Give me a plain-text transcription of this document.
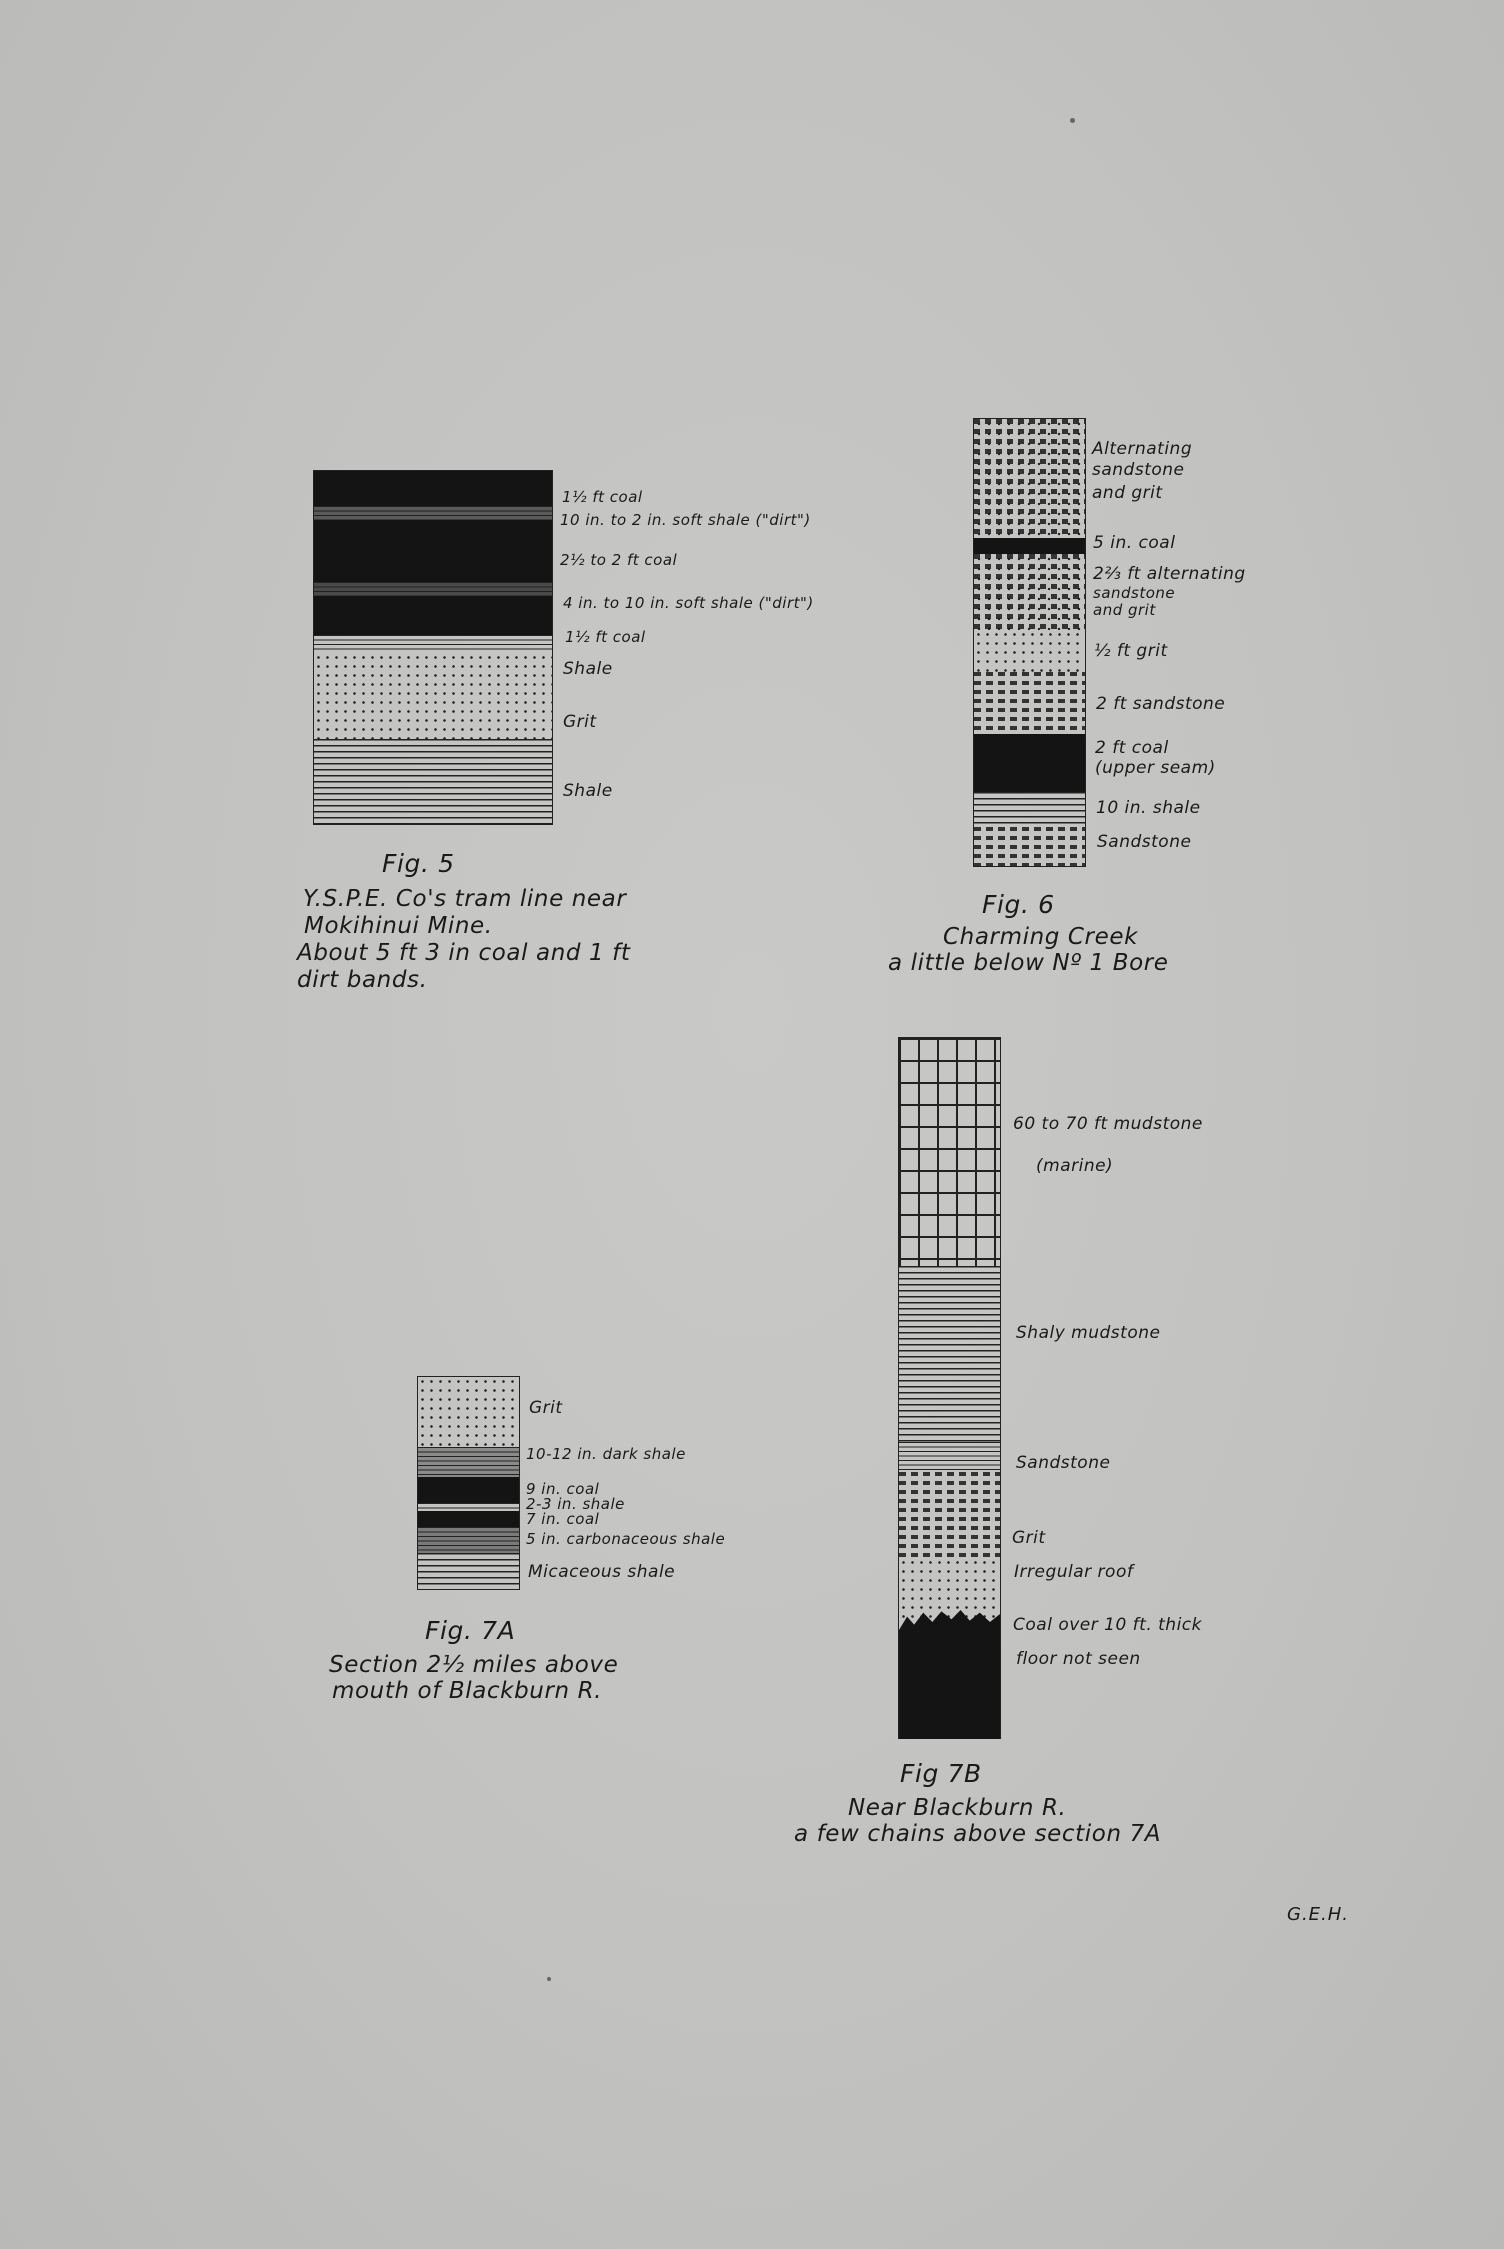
1½ ft coal
10 in. to 2 in. soft shale ("dirt")
2½ to 2 ft coal
4 in. to 10 in. soft shale ("dirt")
1½ ft coal
Shale
Grit
Shale
Fig. 5
Y.S.P.E. Co's tram line near
Mokihinui Mine.
About 5 ft 3 in coal and 1 ft
dirt bands.
Alternating
sandstone
and grit
5 in. coal
2⅔ ft alternating
sandstone
and grit
½ ft grit
2 ft sandstone
2 ft coal
(upper seam)
10 in. shale
Sandstone
Fig. 6
Charming Creek
a little below Nº 1 Bore
Grit
10-12 in. dark shale
9 in. coal
2-3 in. shale
7 in. coal
5 in. carbonaceous shale
Micaceous shale
Fig. 7A
Section 2½ miles above
mouth of Blackburn R.
60 to 70 ft mudstone
(marine)
Shaly mudstone
Sandstone
Grit
Irregular roof
Coal over 10 ft. thick
floor not seen
Fig 7B
Near Blackburn R.
a few chains above section 7A
G.E.H.
